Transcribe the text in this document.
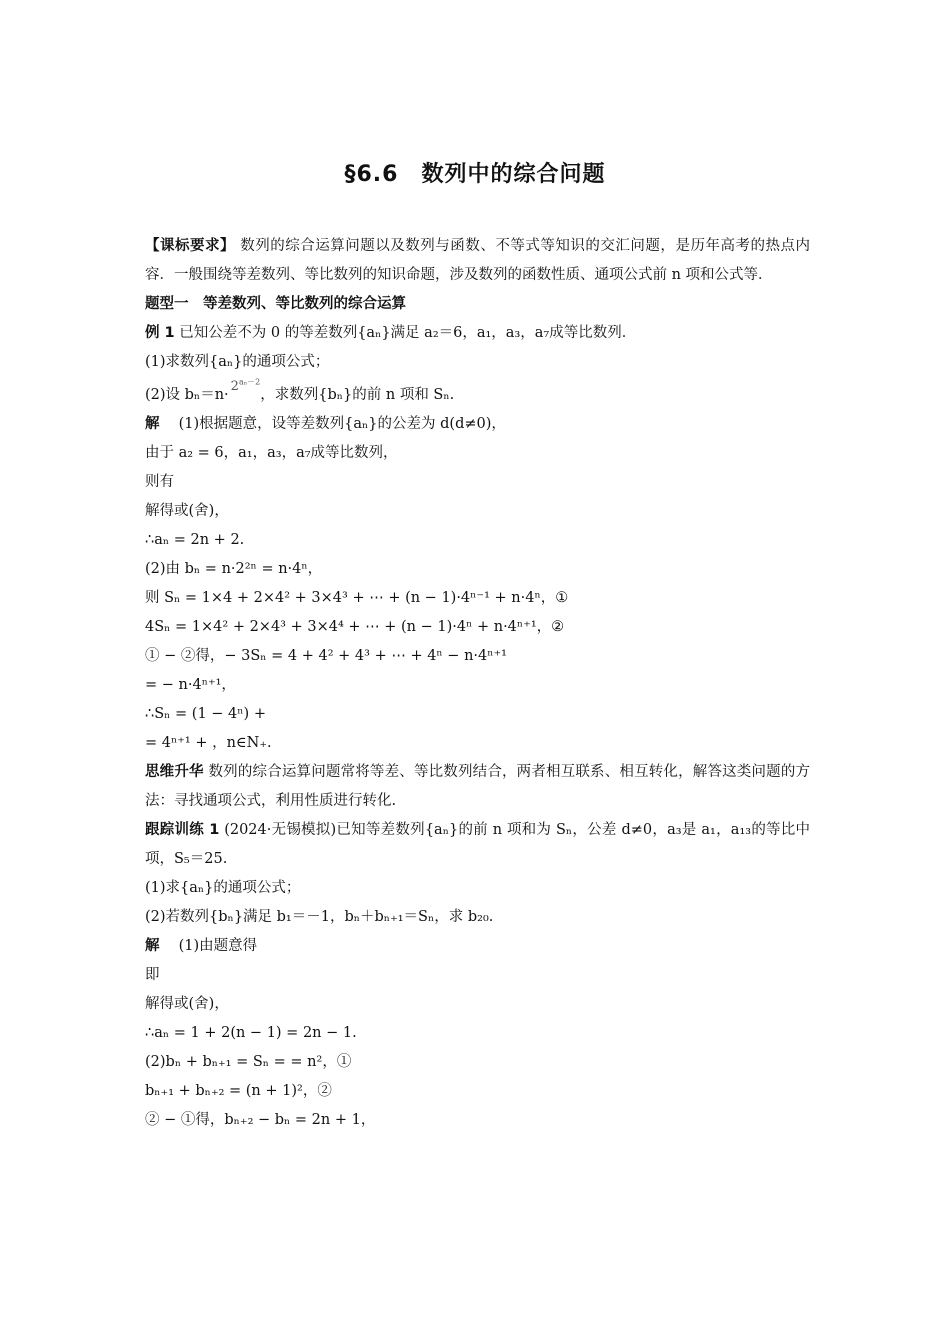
§6.6　数列中的综合问题
【课标要求】 数列的综合运算问题以及数列与函数、不等式等知识的交汇问题，是历年高考的热点内容．一般围绕等差数列、等比数列的知识命题，涉及数列的函数性质、通项公式前 n 项和公式等．
题型一　等差数列、等比数列的综合运算
例 1 已知公差不为 0 的等差数列{aₙ}满足 a₂＝6，a₁，a₃，a₇成等比数列．
(1)求数列{aₙ}的通项公式；
(2)设 $b_n=n\cdot 2^{a_n-2}$，求数列{bₙ}的前 n 项和 Sₙ.
解　 (1)根据题意，设等差数列{aₙ}的公差为 d(d≠0)，
由于 a₂ = 6，a₁，a₃，a₇成等比数列，
则有
解得或(舍)，
∴aₙ = 2n + 2.
(2)由 bₙ = n·2²ⁿ = n·4ⁿ，
则 Sₙ = 1×4 + 2×4² + 3×4³ + ⋯ + (n − 1)·4ⁿ⁻¹ + n·4ⁿ，①
4Sₙ = 1×4² + 2×4³ + 3×4⁴ + ⋯ + (n − 1)·4ⁿ + n·4ⁿ⁺¹，②
① − ②得，− 3Sₙ = 4 + 4² + 4³ + ⋯ + 4ⁿ − n·4ⁿ⁺¹
= − n·4ⁿ⁺¹，
∴Sₙ = (1 − 4ⁿ) +
= 4ⁿ⁺¹ + ，n∈N₊.
思维升华 数列的综合运算问题常将等差、等比数列结合，两者相互联系、相互转化，解答这类问题的方法：寻找通项公式，利用性质进行转化.
跟踪训练 1 (2024·无锡模拟)已知等差数列{aₙ}的前 n 项和为 Sₙ，公差 d≠0，a₃是 a₁，a₁₃的等比中项，S₅＝25.
(1)求{aₙ}的通项公式；
(2)若数列{bₙ}满足 b₁＝－1，bₙ＋bₙ₊₁＝Sₙ，求 b₂₀.
解　 (1)由题意得
即
解得或(舍)，
∴aₙ = 1 + 2(n − 1) = 2n − 1.
(2)bₙ + bₙ₊₁ = Sₙ = = n²，①
bₙ₊₁ + bₙ₊₂ = (n + 1)²，②
② − ①得，bₙ₊₂ − bₙ = 2n + 1，
